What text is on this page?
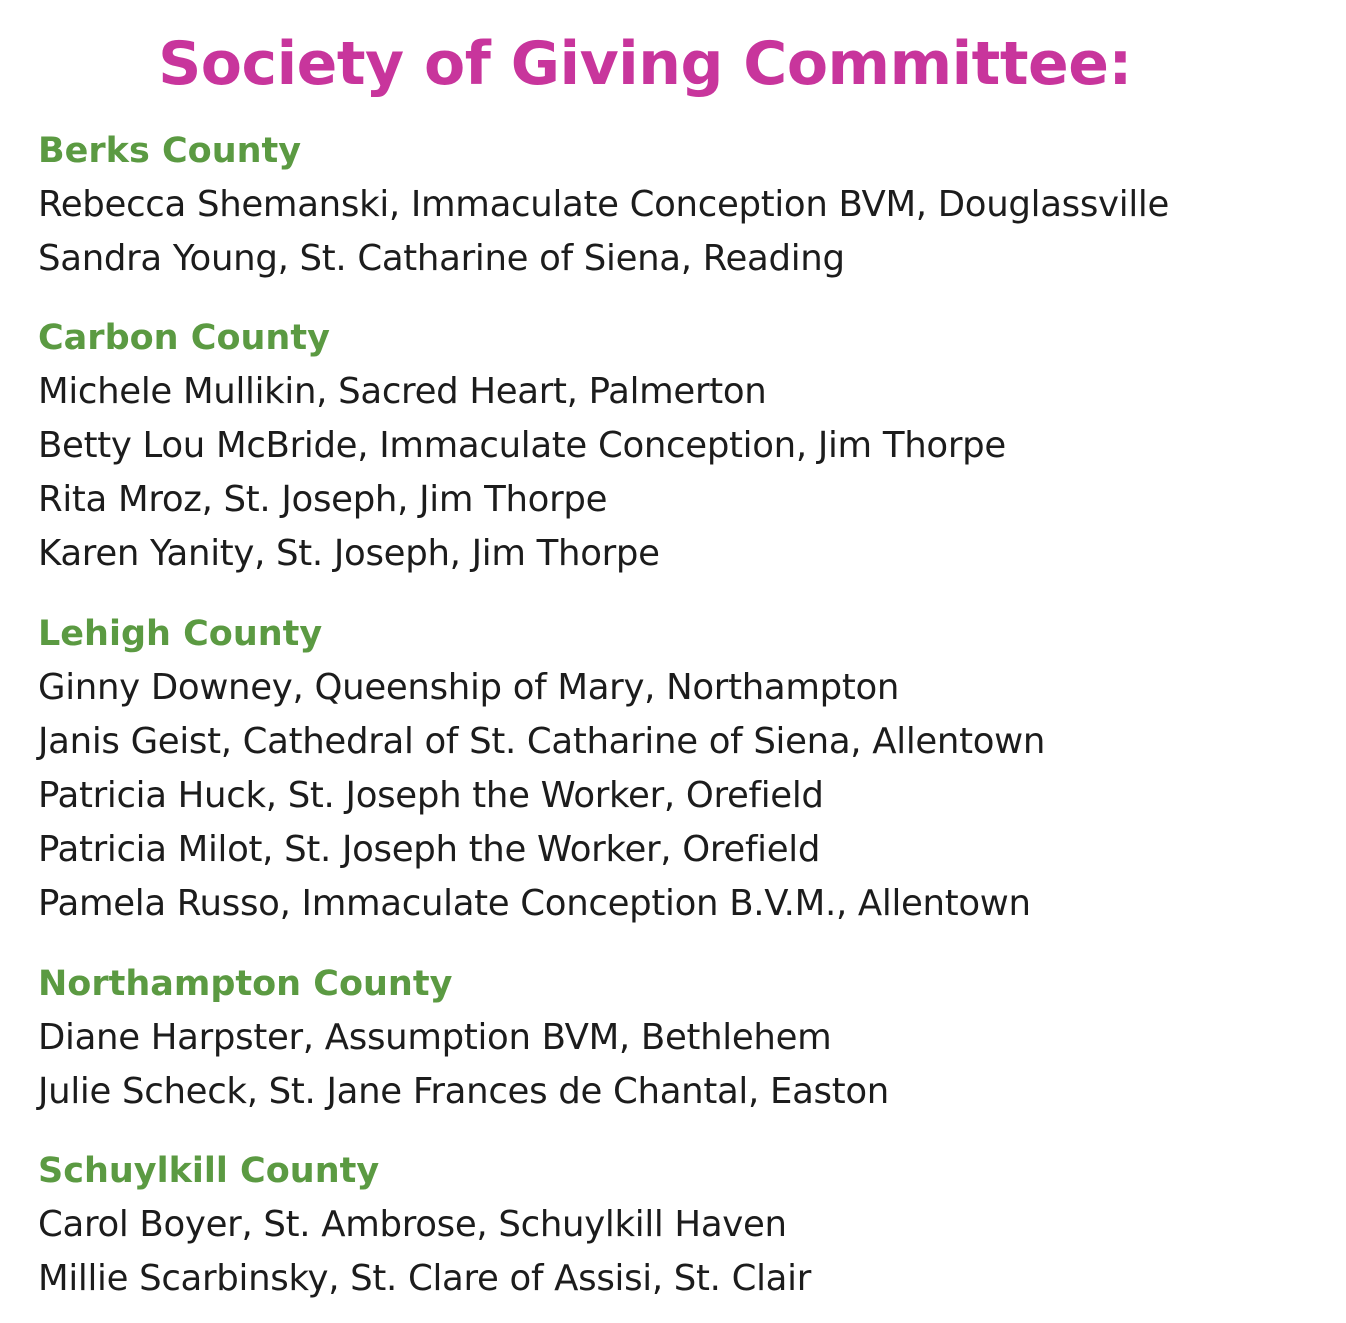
Society of Giving Committee:

Berks County

Rebecca Shemanski, Immaculate Conception BVM, Douglassville

Sandra Young, St. Catharine of Siena, Reading

Carbon County

Michele Mullikin, Sacred Heart, Palmerton

Betty Lou McBride, Immaculate Conception, Jim Thorpe

Rita Mroz, St. Joseph, Jim Thorpe

Karen Yanity, St. Joseph, Jim Thorpe

Lehigh County

Ginny Downey, Queenship of Mary, Northampton

Janis Geist, Cathedral of St. Catharine of Siena, Allentown

Patricia Huck, St. Joseph the Worker, Orefield

Patricia Milot, St. Joseph the Worker, Orefield

Pamela Russo, Immaculate Conception B.V.M., Allentown

Northampton County

Diane Harpster, Assumption BVM, Bethlehem

Julie Scheck, St. Jane Frances de Chantal, Easton

Schuylkill County

Carol Boyer, St. Ambrose, Schuylkill Haven

Millie Scarbinsky, St. Clare of Assisi, St. Clair
